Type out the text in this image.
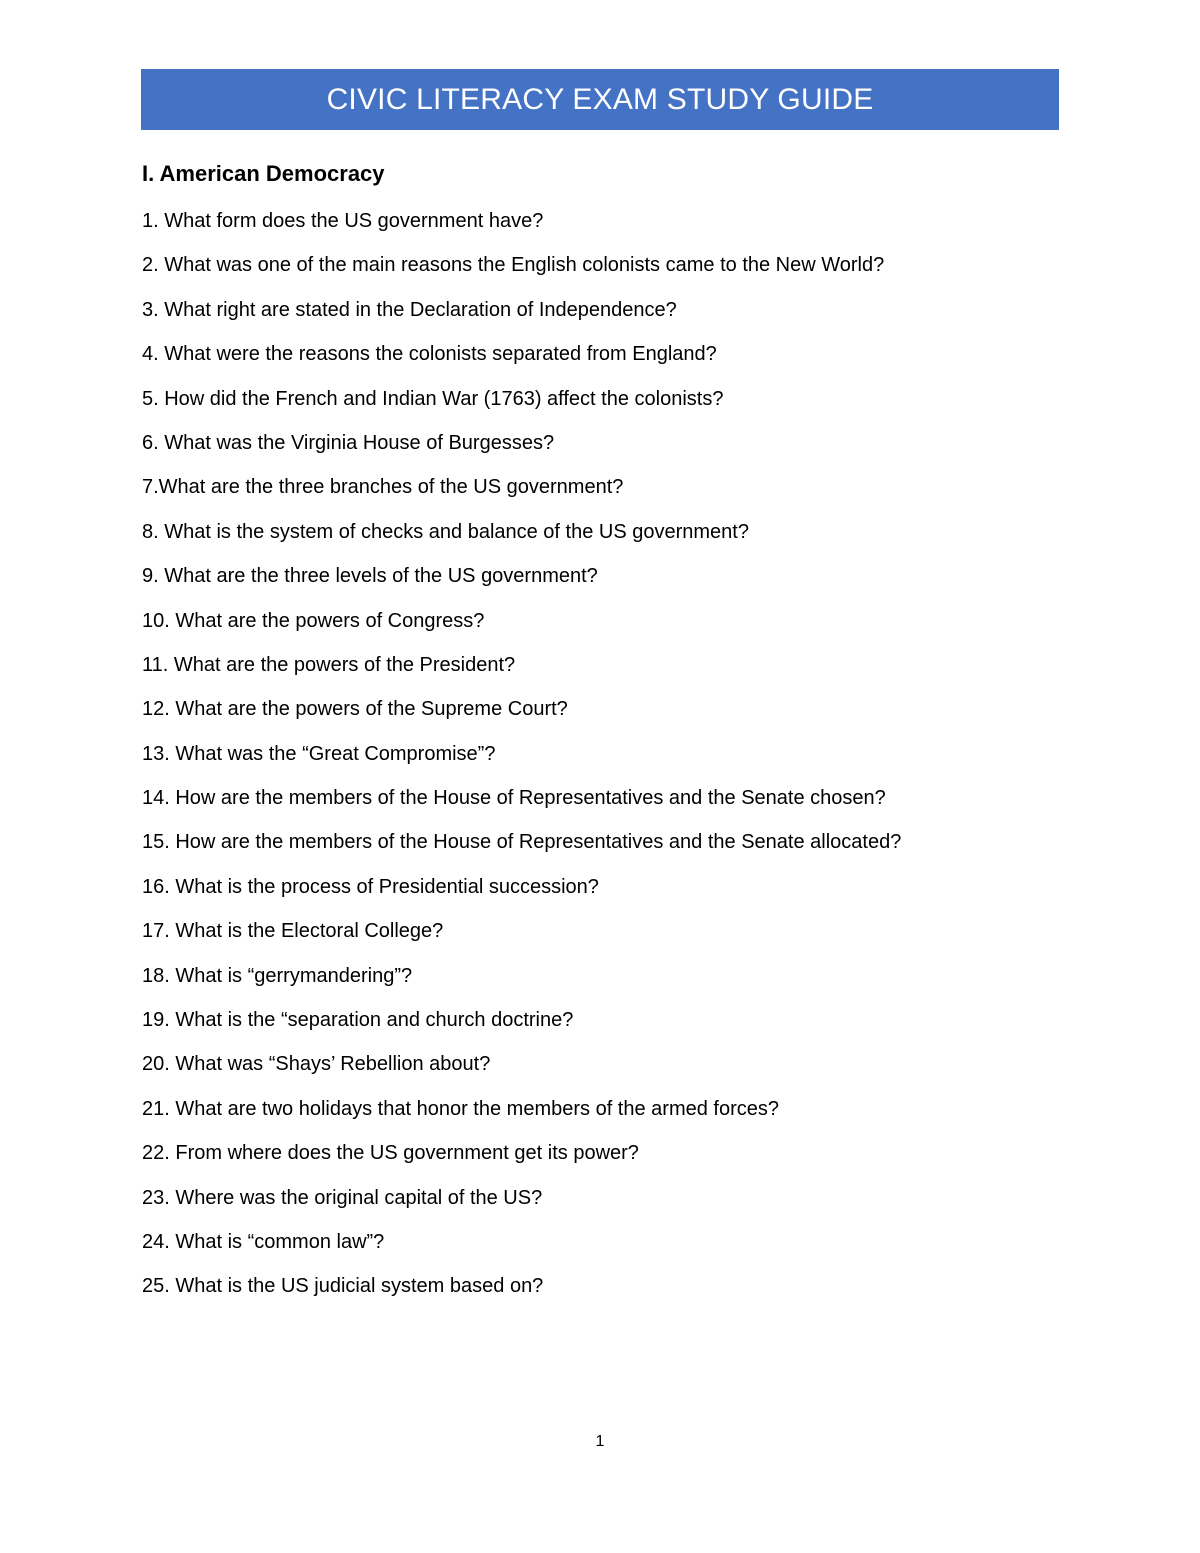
CIVIC LITERACY EXAM STUDY GUIDE
I. American Democracy
1. What form does the US government have?
2. What was one of the main reasons the English colonists came to the New World?
3. What right are stated in the Declaration of Independence?
4. What were the reasons the colonists separated from England?
5. How did the French and Indian War (1763) affect the colonists?
6. What was the Virginia House of Burgesses?
7.What are the three branches of the US government?
8. What is the system of checks and balance of the US government?
9. What are the three levels of the US government?
10. What are the powers of Congress?
11. What are the powers of the President?
12. What are the powers of the Supreme Court?
13. What was the “Great Compromise”?
14. How are the members of the House of Representatives and the Senate chosen?
15. How are the members of the House of Representatives and the Senate allocated?
16. What is the process of Presidential succession?
17. What is the Electoral College?
18. What is “gerrymandering”?
19. What is the “separation and church doctrine?
20. What was “Shays’ Rebellion about?
21. What are two holidays that honor the members of the armed forces?
22. From where does the US government get its power?
23. Where was the original capital of the US?
24. What is “common law”?
25. What is the US judicial system based on?
1
